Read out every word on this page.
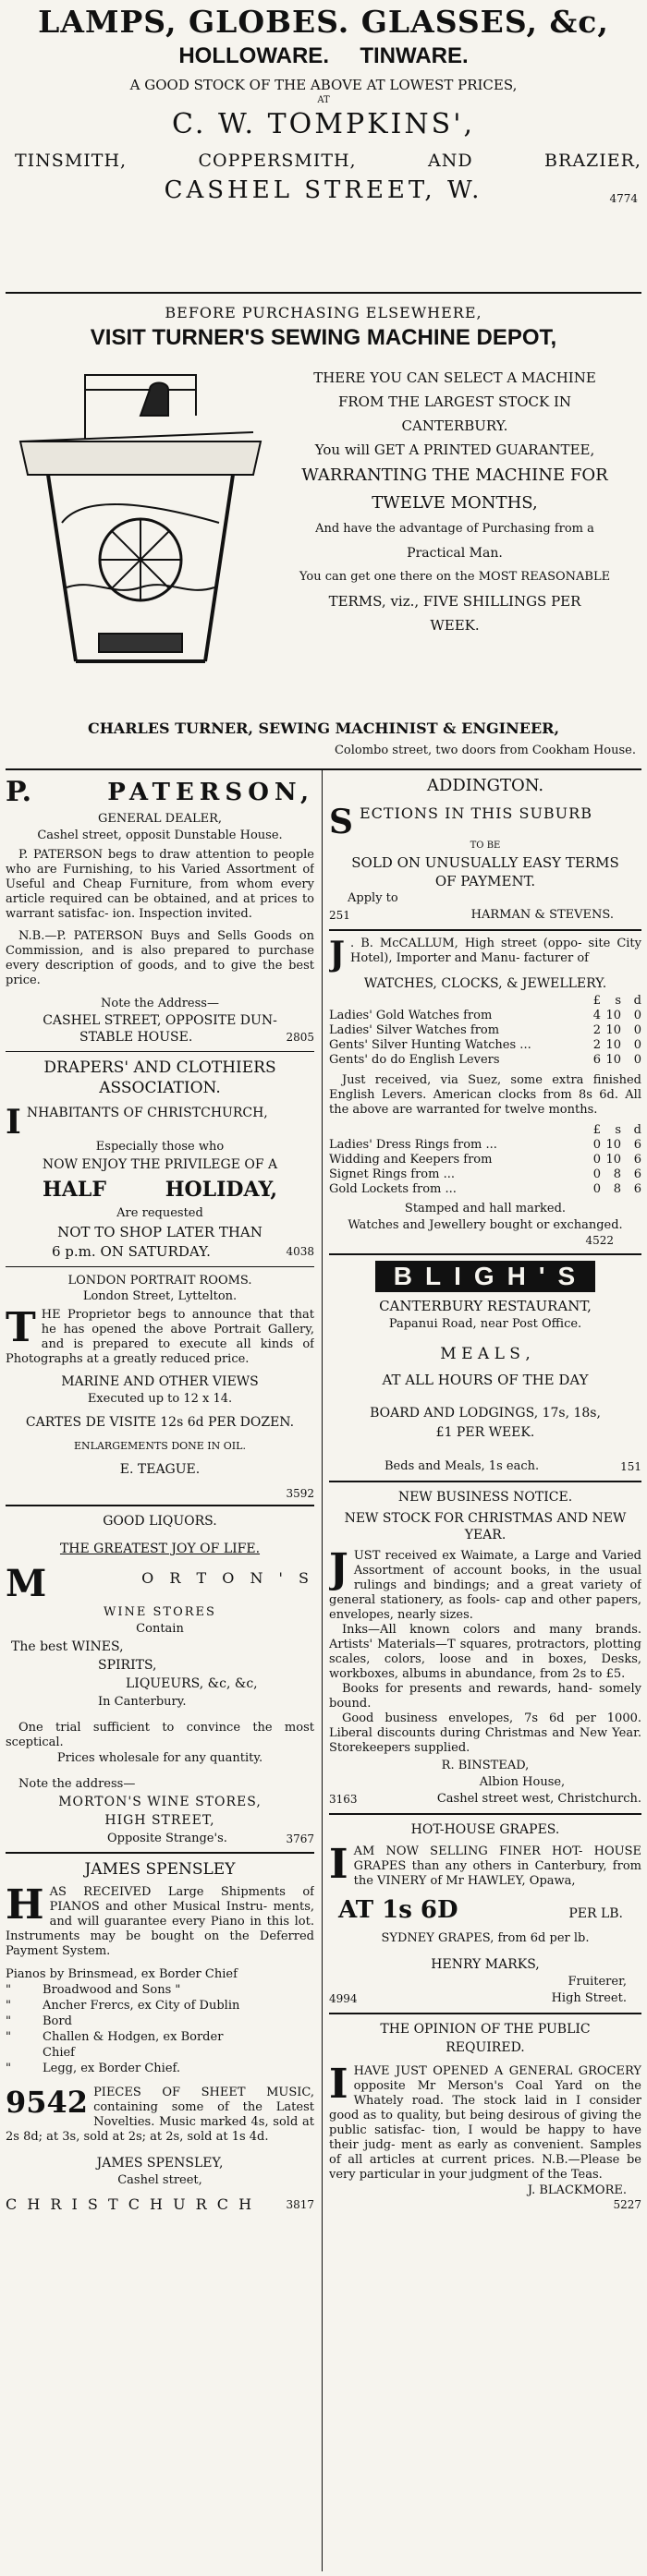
LAMPS, GLOBES. GLASSES, &c,
HOLLOWARE. TINWARE.
A GOOD STOCK OF THE ABOVE AT LOWEST PRICES,
AT
C. W. TOMPKINS',
TINSMITH,	COPPERSMITH,	AND	BRAZIER,
CASHEL STREET, W.	4774
BEFORE PURCHASING ELSEWHERE,
VISIT TURNER'S SEWING MACHINE DEPOT,
THERE YOU CAN SELECT A MACHINE
FROM THE LARGEST STOCK IN
CANTERBURY.
You will GET A PRINTED GUARANTEE,
WARRANTING THE MACHINE FOR
TWELVE MONTHS,
And have the advantage of Purchasing from a
Practical Man.
You can get one there on the MOST REASONABLE
TERMS, viz., FIVE SHILLINGS PER
WEEK.
CHARLES TURNER, SEWING MACHINIST & ENGINEER,
Colombo street, two doors from Cookham House.
P.	PATERSON,
GENERAL DEALER,
Cashel street, opposit Dunstable House.

P. PATERSON begs to draw attention to people who are Furnishing, to his Varied Assortment of Useful and Cheap Furniture, from whom every article required can be obtained, and at prices to warrant satisfac- ion. Inspection invited.

N.B.—P. PATERSON Buys and Sells Goods on Commission, and is also prepared to purchase every description of goods, and to give the best price.

Note the Address—
CASHEL STREET, OPPOSITE DUN-
STABLE HOUSE.	2805
DRAPERS' AND CLOTHIERS ASSOCIATION.
I NHABITANTS OF CHRISTCHURCH,
Especially those who
NOW ENJOY THE PRIVILEGE OF A
HALF	HOLIDAY,
Are requested
NOT TO SHOP LATER THAN
6 p.m. ON SATURDAY.	4038
LONDON PORTRAIT ROOMS.
London Street, Lyttelton.

THE Proprietor begs to announce that that he has opened the above Portrait Gallery, and is prepared to execute all kinds of Photographs at a greatly reduced price.

MARINE AND OTHER VIEWS
Executed up to 12 x 14.
CARTES DE VISITE 12s 6d PER DOZEN.
ENLARGEMENTS DONE IN OIL.
E. TEAGUE.
3592
GOOD LIQUORS.
THE GREATEST JOY OF LIFE.
M	O R T O N ' S
WINE STORES
Contain
The best WINES,
SPIRITS,
LIQUEURS, &c, &c,
In Canterbury.

One trial sufficient to convince the most sceptical.

Prices wholesale for any quantity.
Note the address—
MORTON'S WINE STORES,
HIGH STREET,
Opposite Strange's.	3767
JAMES SPENSLEY

HAS RECEIVED Large Shipments of PIANOS and other Musical Instru- ments, and will guarantee every Piano in this lot. Instruments may be bought on the Deferred Payment System.

Pianos by Brinsmead, ex Border Chief
"	Broadwood and Sons "
"	Ancher Frercs, ex City of Dublin
"	Bord
"	Challen & Hodgen, ex Border
Chief
"	Legg, ex Border Chief.

9542 PIECES OF SHEET MUSIC, containing some of the Latest Novelties. Music marked 4s, sold at 2s 8d; at 3s, sold at 2s; at 2s, sold at 1s 4d.

JAMES SPENSLEY,
Cashel street,
C H R I S T C H U R C H	3817
ADDINGTON.
S ECTIONS IN THIS SUBURB
TO BE
SOLD ON UNUSUALLY EASY TERMS
OF PAYMENT.
Apply to
251	HARMAN & STEVENS.

J . B. McCALLUM, High street (oppo- site City Hotel), Importer and Manu- facturer of

WATCHES, CLOCKS, & JEWELLERY.
	£	s	d
Ladies' Gold Watches from	4	10	0
Ladies' Silver Watches from	2	10	0
Gents' Silver Hunting Watches ...	2	10	0
Gents' do do English Levers	6	10	0

Just received, via Suez, some extra finished English Levers. American clocks from 8s 6d. All the above are warranted for twelve months.

	£	s	d
Ladies' Dress Rings from ...	0	10	6
Widding and Keepers from	0	10	6
Signet Rings from ...	0	8	6
Gold Lockets from ...	0	8	6
Stamped and hall marked.
Watches and Jewellery bought or exchanged.
4522
BLIGH'S
CANTERBURY RESTAURANT,
Papanui Road, near Post Office.
M E A L S ,
AT ALL HOURS OF THE DAY
BOARD AND LODGINGS, 17s, 18s,
£1 PER WEEK.
Beds and Meals, 1s each.	151
NEW BUSINESS NOTICE.
NEW STOCK FOR CHRISTMAS AND NEW YEAR.

JUST received ex Waimate, a Large and Varied Assortment of account books, in the usual rulings and bindings; and a great variety of general stationery, as fools- cap and other papers, envelopes, nearly sizes.

Inks—All known colors and many brands. Artists' Materials—T squares, protractors, plotting scales, colors, loose and in boxes, Desks, workboxes, albums in abundance, from 2s to £5.

Books for presents and rewards, hand- somely bound.

Good business envelopes, 7s 6d per 1000. Liberal discounts during Christmas and New Year. Storekeepers supplied.

R. BINSTEAD,
Albion House,
3163	Cashel street west, Christchurch.
HOT-HOUSE GRAPES.

IAM NOW SELLING FINER HOT- HOUSE GRAPES than any others in Canterbury, from the VINERY of Mr HAWLEY, Opawa,

AT 1s 6D	PER LB.
SYDNEY GRAPES, from 6d per lb.
HENRY MARKS,
Fruiterer,
4994	High Street.
THE OPINION OF THE PUBLIC REQUIRED.

IHAVE JUST OPENED A GENERAL GROCERY opposite Mr Merson's Coal Yard on the Whately road. The stock laid in I consider good as to quality, but being desirous of giving the public satisfac- tion, I would be happy to have their judg- ment as early as convenient. Samples of all articles at current prices. N.B.—Please be very particular in your judgment of the Teas.

J. BLACKMORE.
5227
